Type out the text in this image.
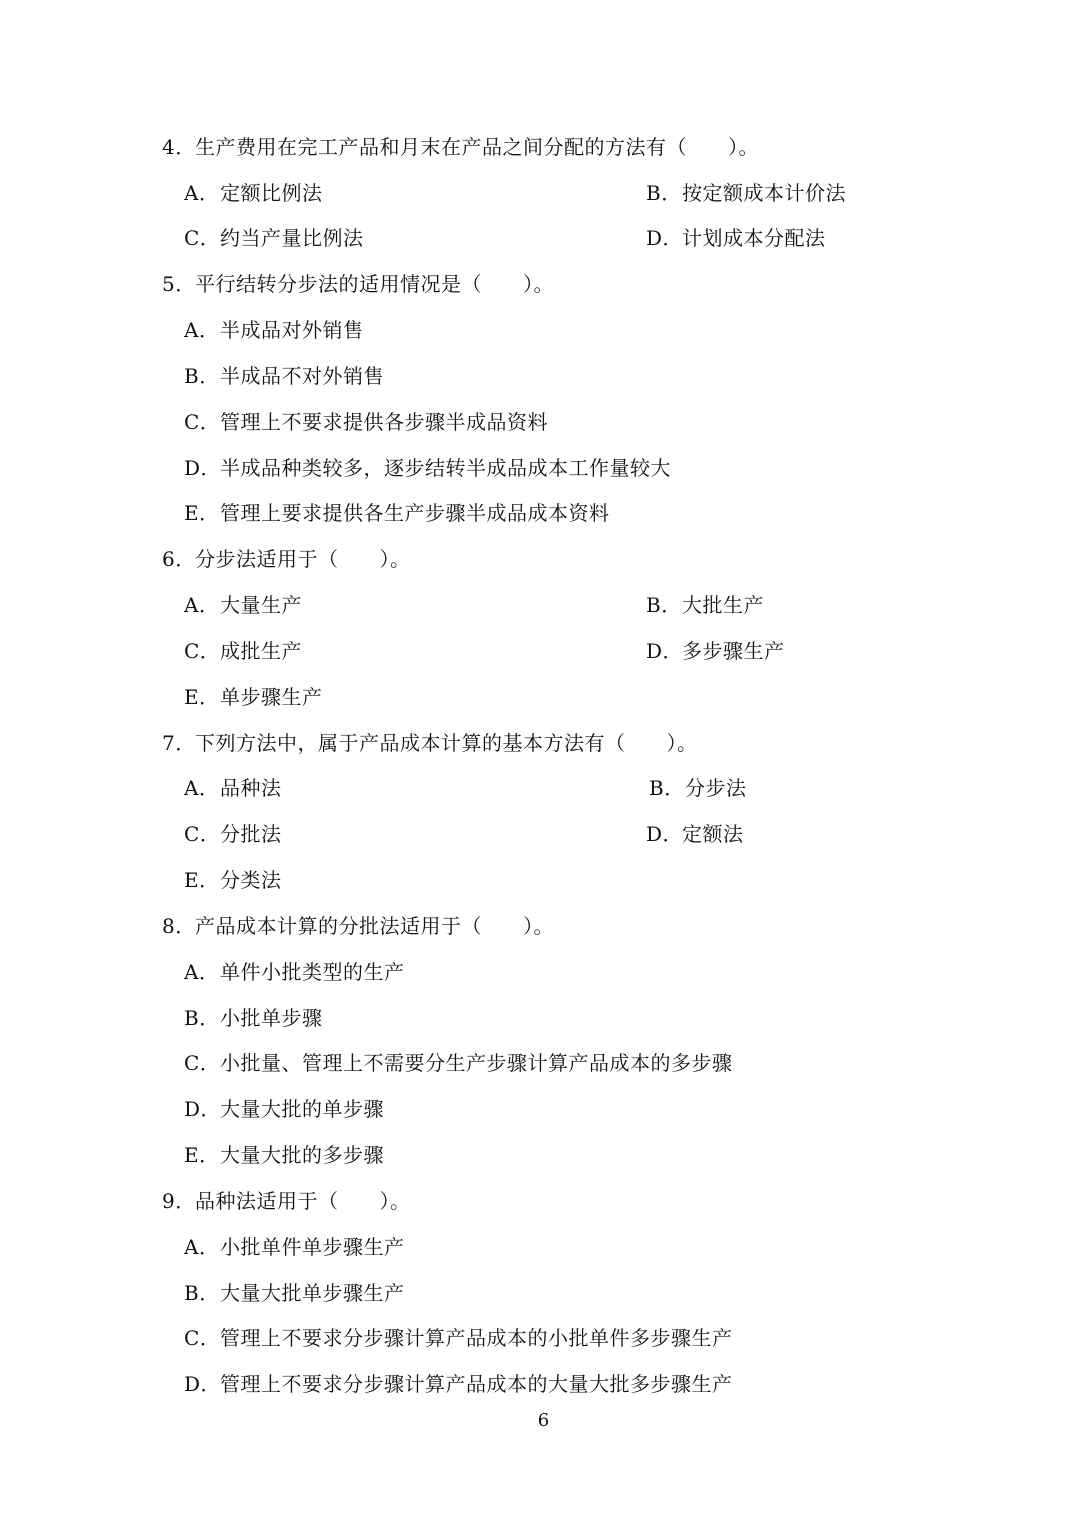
4．生产费用在完工产品和月末在产品之间分配的方法有（　　）。
A．定额比例法	B．按定额成本计价法
C．约当产量比例法	D．计划成本分配法
5．平行结转分步法的适用情况是（　　）。
A．半成品对外销售
B．半成品不对外销售
C．管理上不要求提供各步骤半成品资料
D．半成品种类较多，逐步结转半成品成本工作量较大
E．管理上要求提供各生产步骤半成品成本资料
6．分步法适用于（　　）。
A．大量生产	B．大批生产
C．成批生产	D．多步骤生产
E．单步骤生产
7．下列方法中，属于产品成本计算的基本方法有（　　）。
A．品种法	B．分步法
C．分批法	D．定额法
E．分类法
8．产品成本计算的分批法适用于（　　）。
A．单件小批类型的生产
B．小批单步骤
C．小批量、管理上不需要分生产步骤计算产品成本的多步骤
D．大量大批的单步骤
E．大量大批的多步骤
9．品种法适用于（　　）。
A．小批单件单步骤生产
B．大量大批单步骤生产
C．管理上不要求分步骤计算产品成本的小批单件多步骤生产
D．管理上不要求分步骤计算产品成本的大量大批多步骤生产
6
